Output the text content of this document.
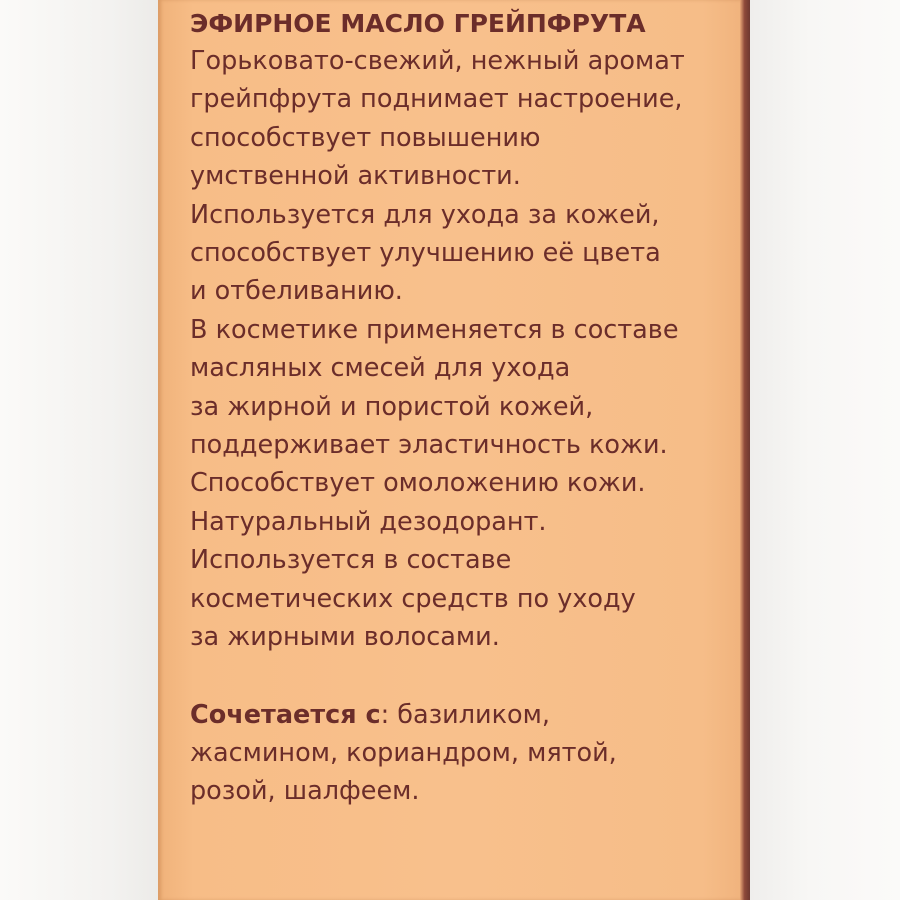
ЭФИРНОЕ МАСЛО ГРЕЙПФРУТА

Горьковато-свежий, нежный аромат

грейпфрута поднимает настроение,

способствует повышению

умственной активности.

Используется для ухода за кожей,

способствует улучшению её цвета

и отбеливанию.

В косметике применяется в составе

масляных смесей для ухода

за жирной и пористой кожей,

поддерживает эластичность кожи.

Способствует омоложению кожи.

Натуральный дезодорант.

Используется в составе

косметических средств по уходу

за жирными волосами.

Сочетается с: базиликом,

жасмином, кориандром, мятой,

розой, шалфеем.
